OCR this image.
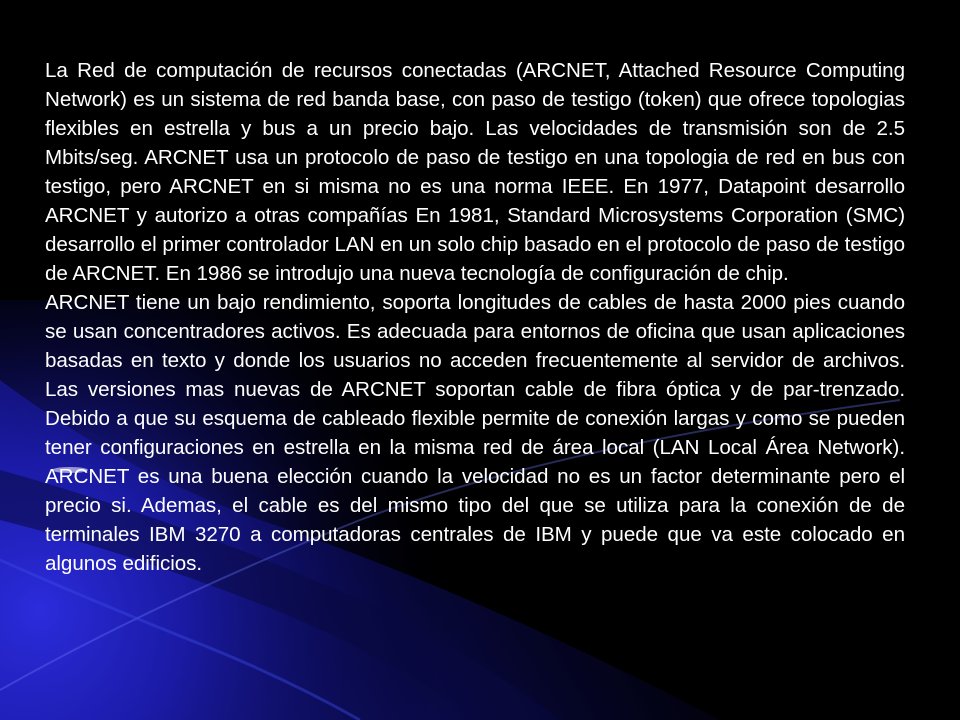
La Red de computación de recursos conectadas (ARCNET, Attached Resource Computing Network) es un sistema de red banda base, con paso de testigo (token) que ofrece topologias flexibles en estrella y bus a un precio bajo. Las velocidades de transmisión son de 2.5 Mbits/seg. ARCNET usa un protocolo de paso de testigo en una topologia de red en bus con testigo, pero ARCNET en si misma no es una norma IEEE. En 1977, Datapoint desarrollo ARCNET y autorizo a otras compañías En 1981, Standard Microsystems Corporation (SMC) desarrollo el primer controlador LAN en un solo chip basado en el protocolo de paso de testigo de ARCNET. En 1986 se introdujo una nueva tecnología de configuración de chip.

ARCNET tiene un bajo rendimiento, soporta longitudes de cables de hasta 2000 pies cuando se usan concentradores activos. Es adecuada para entornos de oficina que usan aplicaciones basadas en texto y donde los usuarios no acceden frecuentemente al servidor de archivos. Las versiones mas nuevas de ARCNET soportan cable de fibra óptica y de par-trenzado. Debido a que su esquema de cableado flexible permite de conexión largas y como se pueden tener configuraciones en estrella en la misma red de área local (LAN Local Área Network). ARCNET es una buena elección cuando la velocidad no es un factor determinante pero el precio si. Ademas, el cable es del mismo tipo del que se utiliza para la conexión de de terminales IBM 3270 a computadoras centrales de IBM y puede que va este colocado en algunos edificios.
